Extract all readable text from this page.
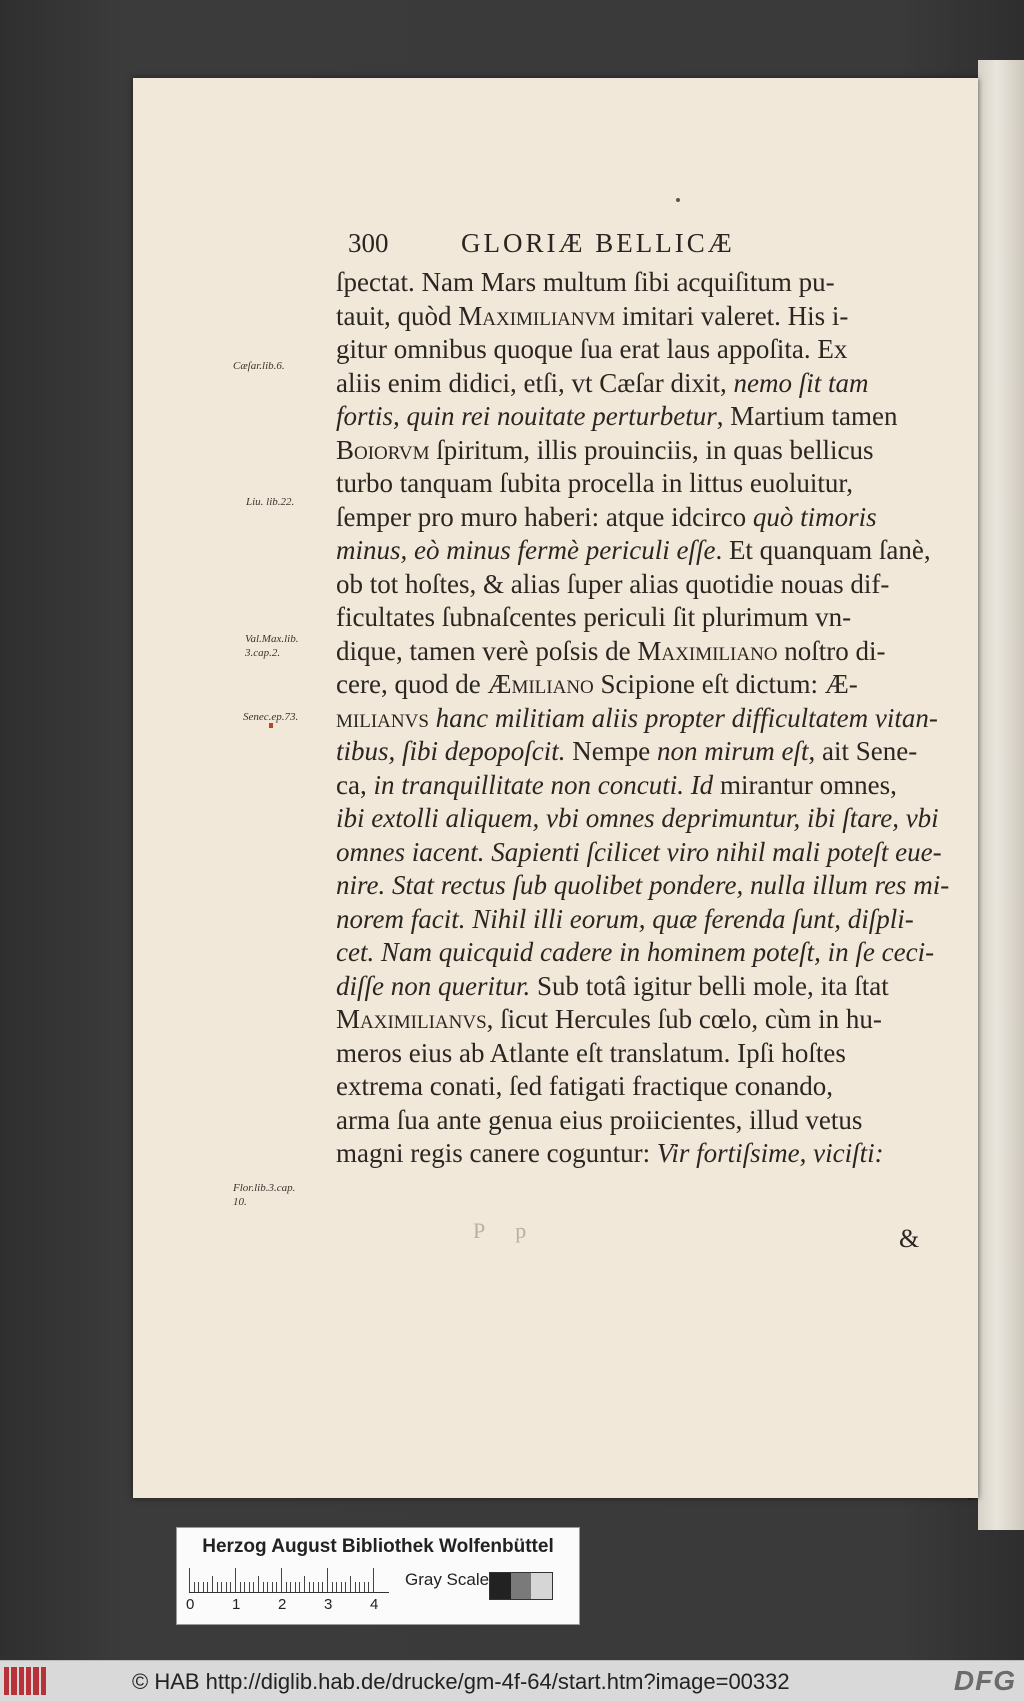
300	GLORIÆ BELLICÆ
ſpectat. Nam Mars multum ſibi acquiſitum pu-
tauit, quòd Maximilianvm imitari valeret. His i-
gitur omnibus quoque ſua erat laus appoſita. Ex
aliis enim didici, etſi, vt Cæſar dixit, nemo ſit tam
fortis, quin rei nouitate perturbetur, Martium tamen
Boiorvm ſpiritum, illis prouinciis, in quas bellicus
turbo tanquam ſubita procella in littus euoluitur,
ſemper pro muro haberi: atque idcirco quò timoris
minus, eò minus fermè periculi eſſe. Et quanquam ſanè,
ob tot hoſtes, & alias ſuper alias quotidie nouas dif-
ficultates ſubnaſcentes periculi ſit plurimum vn-
dique, tamen verè poſsis de Maximiliano noſtro di-
cere, quod de Æmiliano Scipione eſt dictum: Æ-
milianvs hanc militiam aliis propter difficultatem vitan-
tibus, ſibi depopoſcit. Nempe non mirum eſt, ait Sene-
ca, in tranquillitate non concuti. Id mirantur omnes,
ibi extolli aliquem, vbi omnes deprimuntur, ibi ſtare, vbi
omnes iacent. Sapienti ſcilicet viro nihil mali poteſt eue-
nire. Stat rectus ſub quolibet pondere, nulla illum res mi-
norem facit. Nihil illi eorum, quæ ferenda ſunt, diſpli-
cet. Nam quicquid cadere in hominem poteſt, in ſe ceci-
diſſe non queritur. Sub totâ igitur belli mole, ita ſtat
Maximilianvs, ſicut Hercules ſub cœlo, cùm in hu-
meros eius ab Atlante eſt translatum. Ipſi hoſtes
extrema conati, ſed fatigati fractique conando,
arma ſua ante genua eius proiicientes, illud vetus
magni regis canere coguntur: Vir fortiſsime, viciſti:
Cæſar.lib.6.
Liu. lib.22.
Val.Max.lib.
3.cap.2.
Senec.ep.73.
Flor.lib.3.cap.
10.
Pp	&
Herzog August Bibliothek Wolfenbüttel
0	1	2	3	4
Gray Scale
© HAB http://diglib.hab.de/drucke/gm-4f-64/start.htm?image=00332	DFG
